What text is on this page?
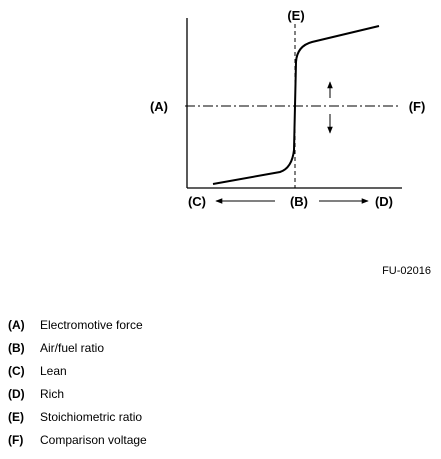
(E)
(A)	(F)
(C)	(B)	(D)
FU-02016
(A) Electromotive force
(B) Air/fuel ratio
(C) Lean
(D) Rich
(E) Stoichiometric ratio
(F) Comparison voltage
